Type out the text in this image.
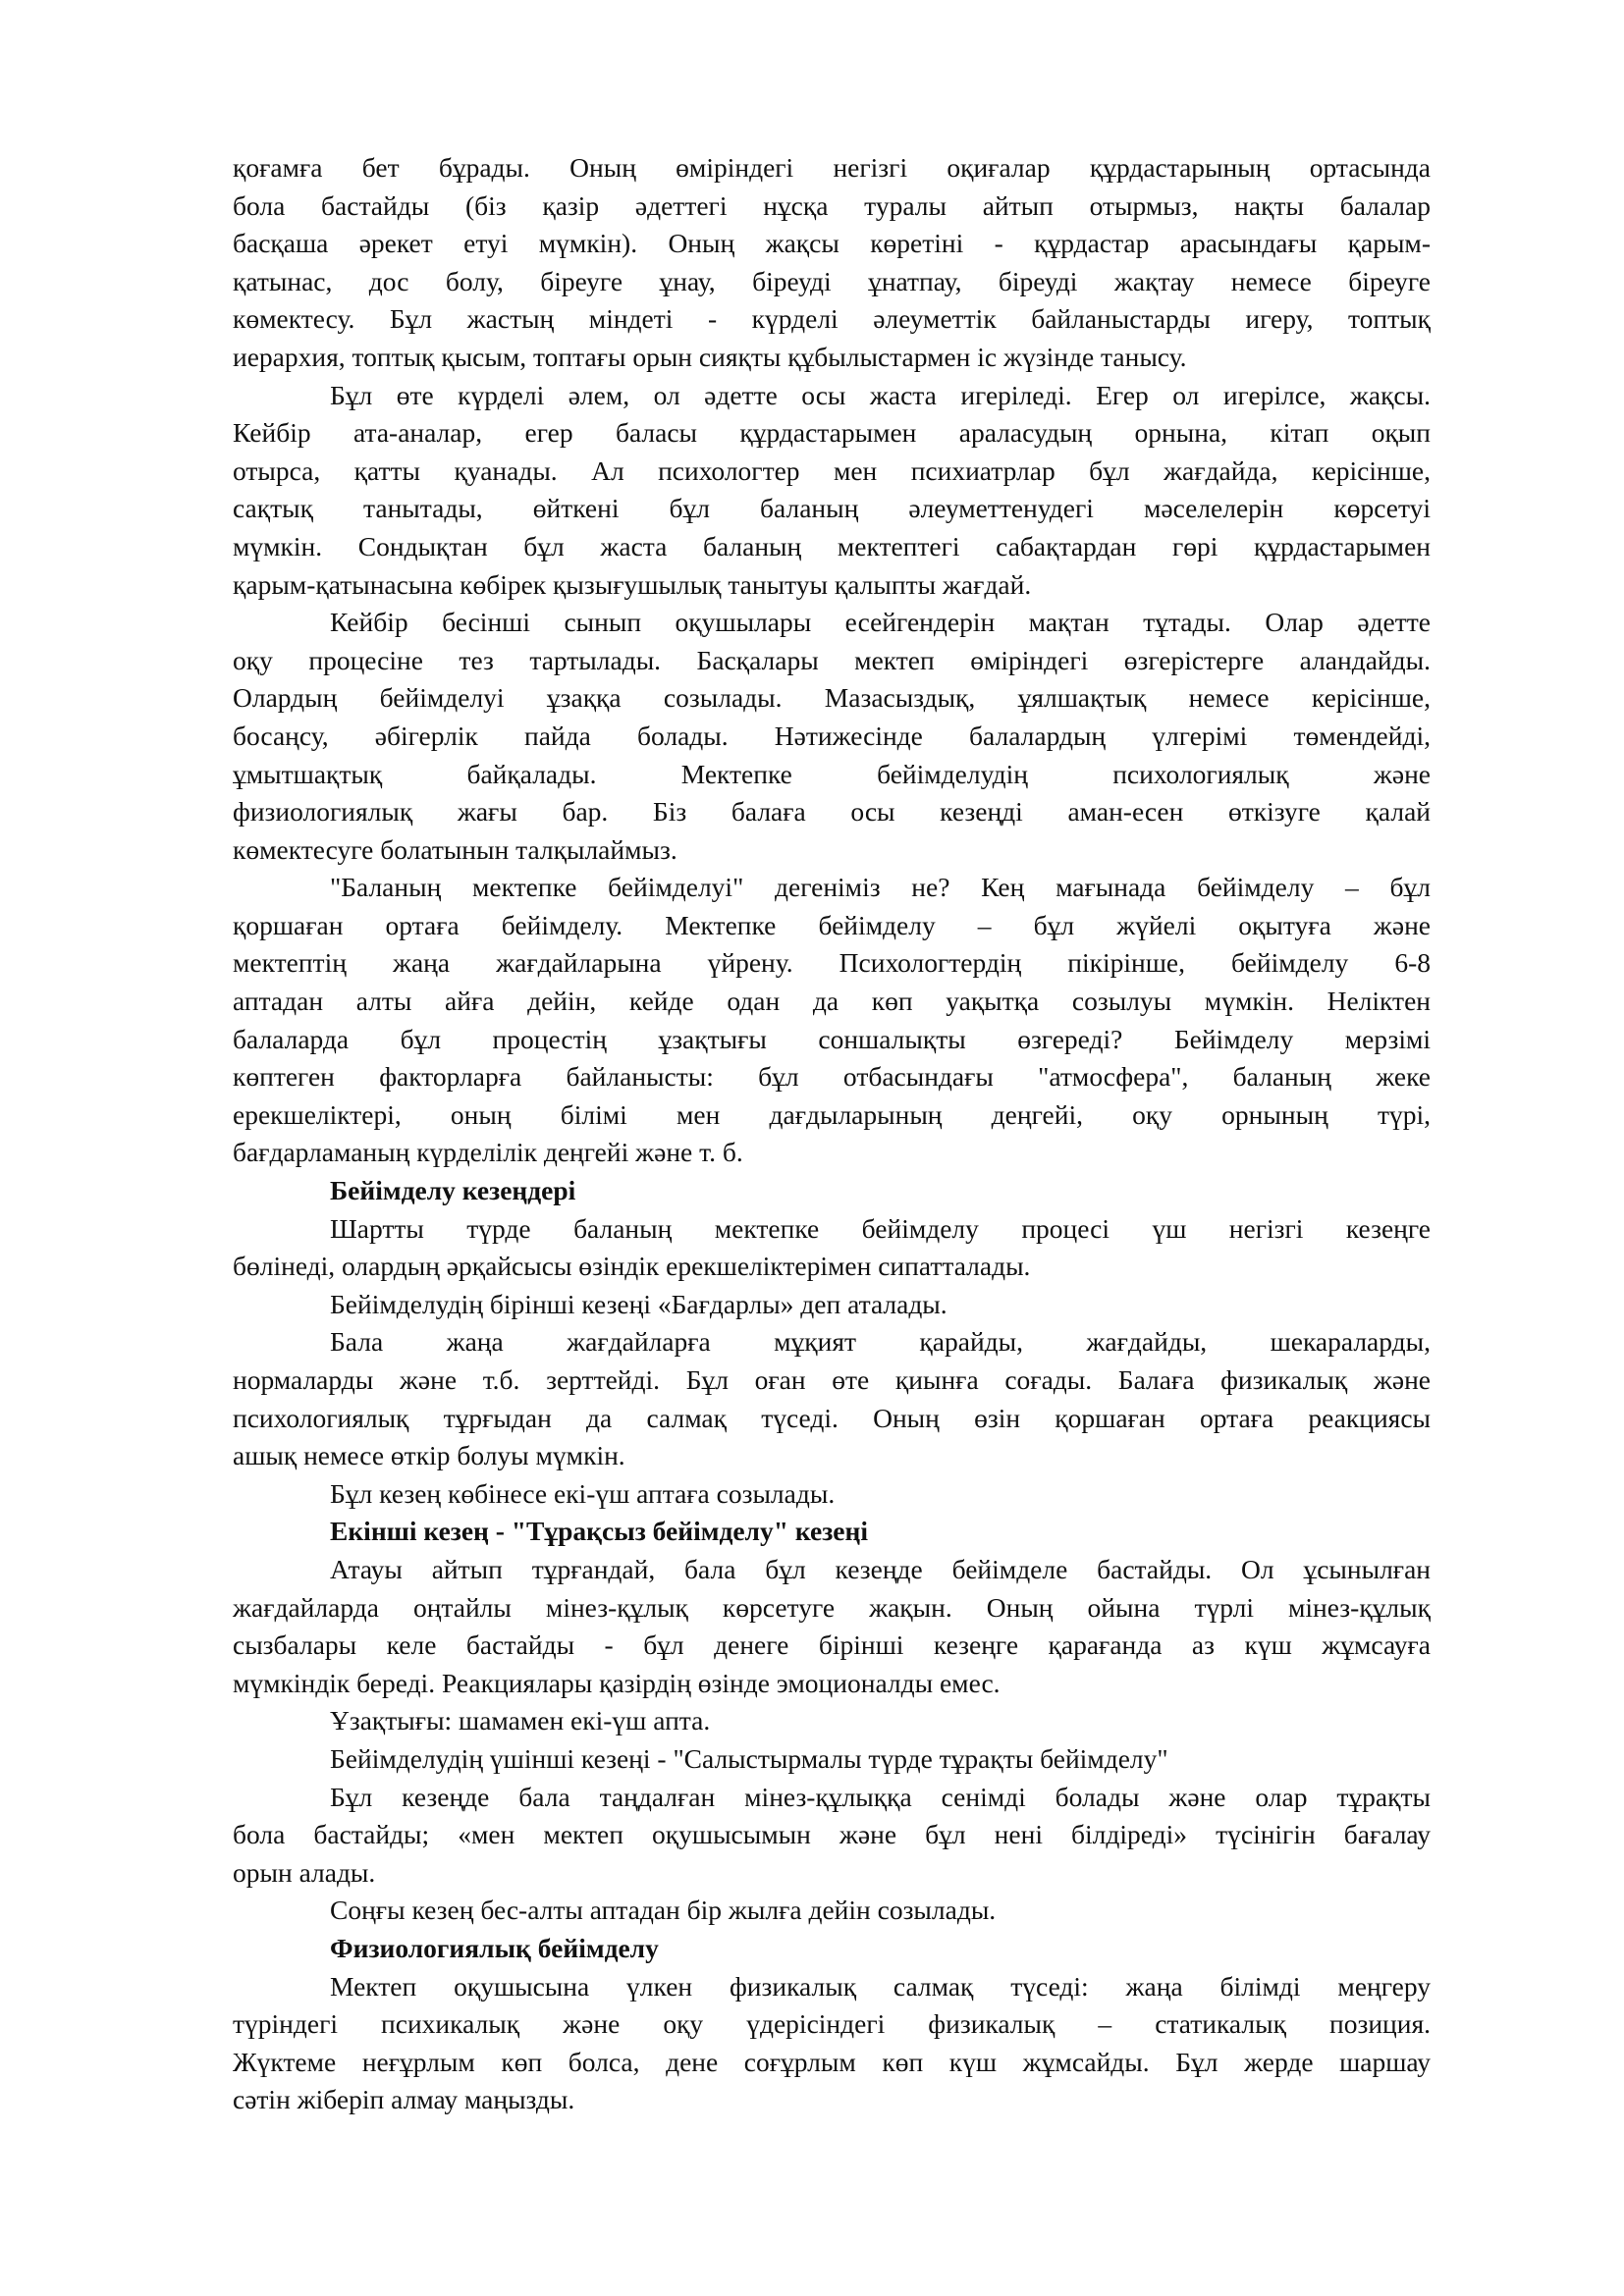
қоғамға бет бұрады. Оның өміріндегі негізгі оқиғалар құрдастарының ортасында
бола бастайды (біз қазір әдеттегі нұсқа туралы айтып отырмыз, нақты балалар
басқаша әрекет етуі мүмкін). Оның жақсы көретіні - құрдастар арасындағы қарым-
қатынас, дос болу, біреуге ұнау, біреуді ұнатпау, біреуді жақтау немесе біреуге
көмектесу. Бұл жастың міндеті - күрделі әлеуметтік байланыстарды игеру, топтық
иерархия, топтық қысым, топтағы орын сияқты құбылыстармен іс жүзінде танысу.
Бұл өте күрделі әлем, ол әдетте осы жаста игеріледі. Егер ол игерілсе, жақсы.
Кейбір ата-аналар, егер баласы құрдастарымен араласудың орнына, кітап оқып
отырса, қатты қуанады. Ал психологтер мен психиатрлар бұл жағдайда, керісінше,
сақтық танытады, өйткені бұл баланың әлеуметтенудегі мәселелерін көрсетуі
мүмкін. Сондықтан бұл жаста баланың мектептегі сабақтардан гөрі құрдастарымен
қарым-қатынасына көбірек қызығушылық танытуы қалыпты жағдай.
Кейбір бесінші сынып оқушылары есейгендерін мақтан тұтады. Олар әдетте
оқу процесіне тез тартылады. Басқалары мектеп өміріндегі өзгерістерге аландайды.
Олардың бейімделуі ұзаққа созылады. Мазасыздық, ұялшақтық немесе керісінше,
босаңсу, әбігерлік пайда болады. Нәтижесінде балалардың үлгерімі төмендейді,
ұмытшақтық байқалады. Мектепке бейімделудің психологиялық және
физиологиялық жағы бар. Біз балаға осы кезеңді аман-есен өткізуге қалай
көмектесуге болатынын талқылаймыз.
"Баланың мектепке бейімделуі" дегеніміз не? Кең мағынада бейімделу – бұл
қоршаған ортаға бейімделу. Мектепке бейімделу – бұл жүйелі оқытуға және
мектептің жаңа жағдайларына үйрену. Психологтердің пікірінше, бейімделу 6-8
аптадан алты айға дейін, кейде одан да көп уақытқа созылуы мүмкін. Неліктен
балаларда бұл процестің ұзақтығы соншалықты өзгереді? Бейімделу мерзімі
көптеген факторларға байланысты: бұл отбасындағы "атмосфера", баланың жеке
ерекшеліктері, оның білімі мен дағдыларының деңгейі, оқу орнының түрі,
бағдарламаның күрделілік деңгейі және т. б.
Бейімделу кезеңдері
Шартты түрде баланың мектепке бейімделу процесі үш негізгі кезеңге
бөлінеді, олардың әрқайсысы өзіндік ерекшеліктерімен сипатталады.
Бейімделудің бірінші кезеңі «Бағдарлы» деп аталады.
Бала жаңа жағдайларға мұқият қарайды, жағдайды, шекараларды,
нормаларды және т.б. зерттейді. Бұл оған өте қиынға соғады. Балаға физикалық және
психологиялық тұрғыдан да салмақ түседі. Оның өзін қоршаған ортаға реакциясы
ашық немесе өткір болуы мүмкін.
Бұл кезең көбінесе екі-үш аптаға созылады.
Екінші кезең - "Тұрақсыз бейімделу" кезеңі
Атауы айтып тұрғандай, бала бұл кезеңде бейімделе бастайды. Ол ұсынылған
жағдайларда оңтайлы мінез-құлық көрсетуге жақын. Оның ойына түрлі мінез-құлық
сызбалары келе бастайды - бұл денеге бірінші кезеңге қарағанда аз күш жұмсауға
мүмкіндік береді. Реакциялары қазірдің өзінде эмоционалды емес.
Ұзақтығы: шамамен екі-үш апта.
Бейімделудің үшінші кезеңі - "Салыстырмалы түрде тұрақты бейімделу"
Бұл кезеңде бала таңдалған мінез-құлыққа сенімді болады және олар тұрақты
бола бастайды; «мен мектеп оқушысымын және бұл нені білдіреді» түсінігін бағалау
орын алады.
Соңғы кезең бес-алты аптадан бір жылға дейін созылады.
Физиологиялық бейімделу
Мектеп оқушысына үлкен физикалық салмақ түседі: жаңа білімді меңгеру
түріндегі психикалық және оқу үдерісіндегі физикалық – статикалық позиция.
Жүктеме неғұрлым көп болса, дене соғұрлым көп күш жұмсайды. Бұл жерде шаршау
сәтін жіберіп алмау маңызды.
